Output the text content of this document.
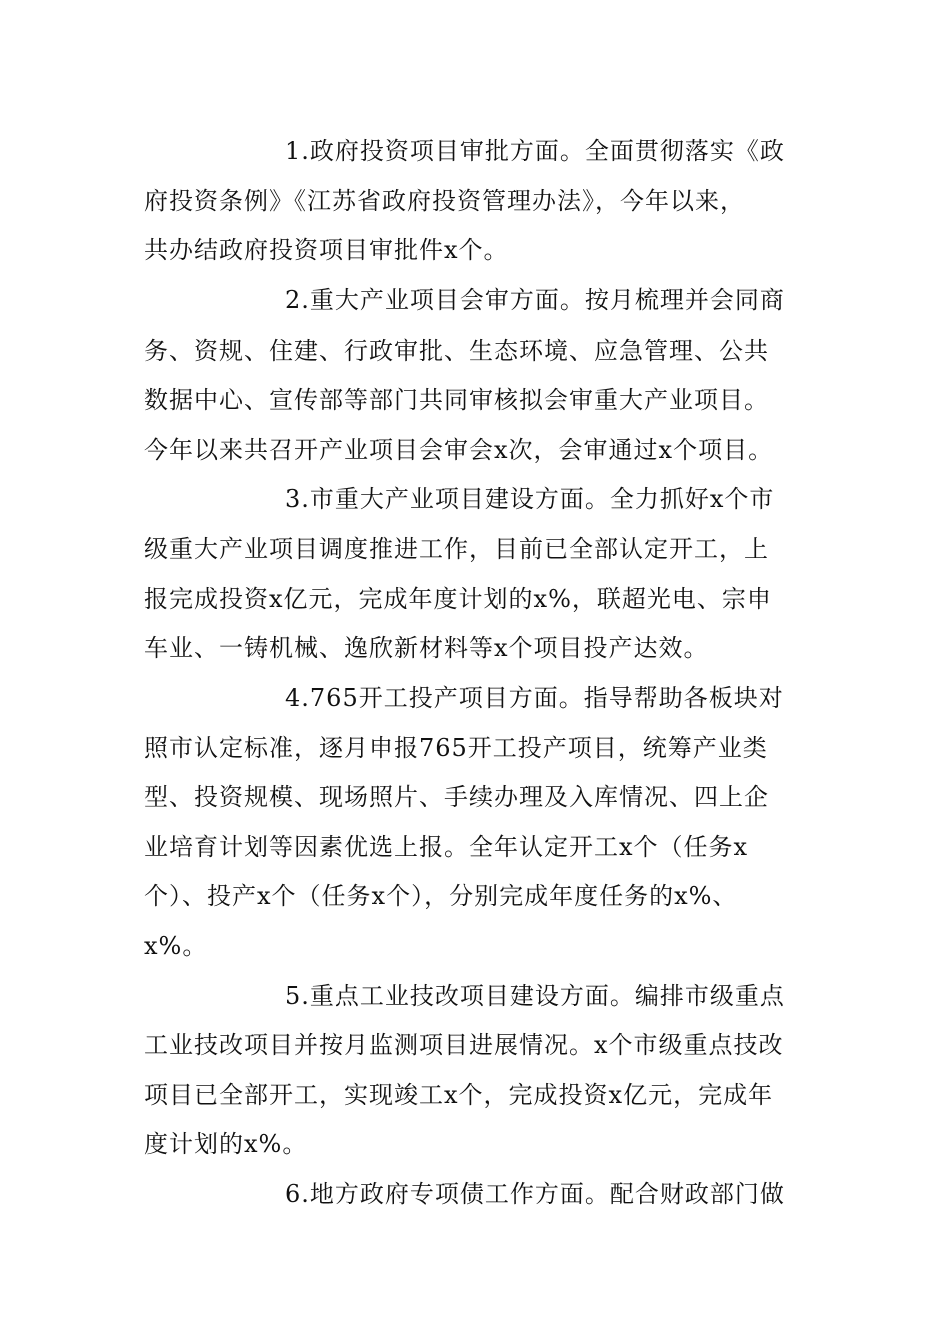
1.政府投资项目审批方面。全面贯彻落实《政
府投资条例》《江苏省政府投资管理办法》，今年以来，
共办结政府投资项目审批件x个。
2.重大产业项目会审方面。按月梳理并会同商
务、资规、住建、行政审批、生态环境、应急管理、公共
数据中心、宣传部等部门共同审核拟会审重大产业项目。
今年以来共召开产业项目会审会x次，会审通过x个项目。
3.市重大产业项目建设方面。全力抓好x个市
级重大产业项目调度推进工作，目前已全部认定开工，上
报完成投资x亿元，完成年度计划的x%，联超光电、宗申
车业、一铸机械、逸欣新材料等x个项目投产达效。
4.765开工投产项目方面。指导帮助各板块对
照市认定标准，逐月申报765开工投产项目，统筹产业类
型、投资规模、现场照片、手续办理及入库情况、四上企
业培育计划等因素优选上报。全年认定开工x个（任务x
个）、投产x个（任务x个），分别完成年度任务的x%、
x%。
5.重点工业技改项目建设方面。编排市级重点
工业技改项目并按月监测项目进展情况。x个市级重点技改
项目已全部开工，实现竣工x个，完成投资x亿元，完成年
度计划的x%。
6.地方政府专项债工作方面。配合财政部门做
